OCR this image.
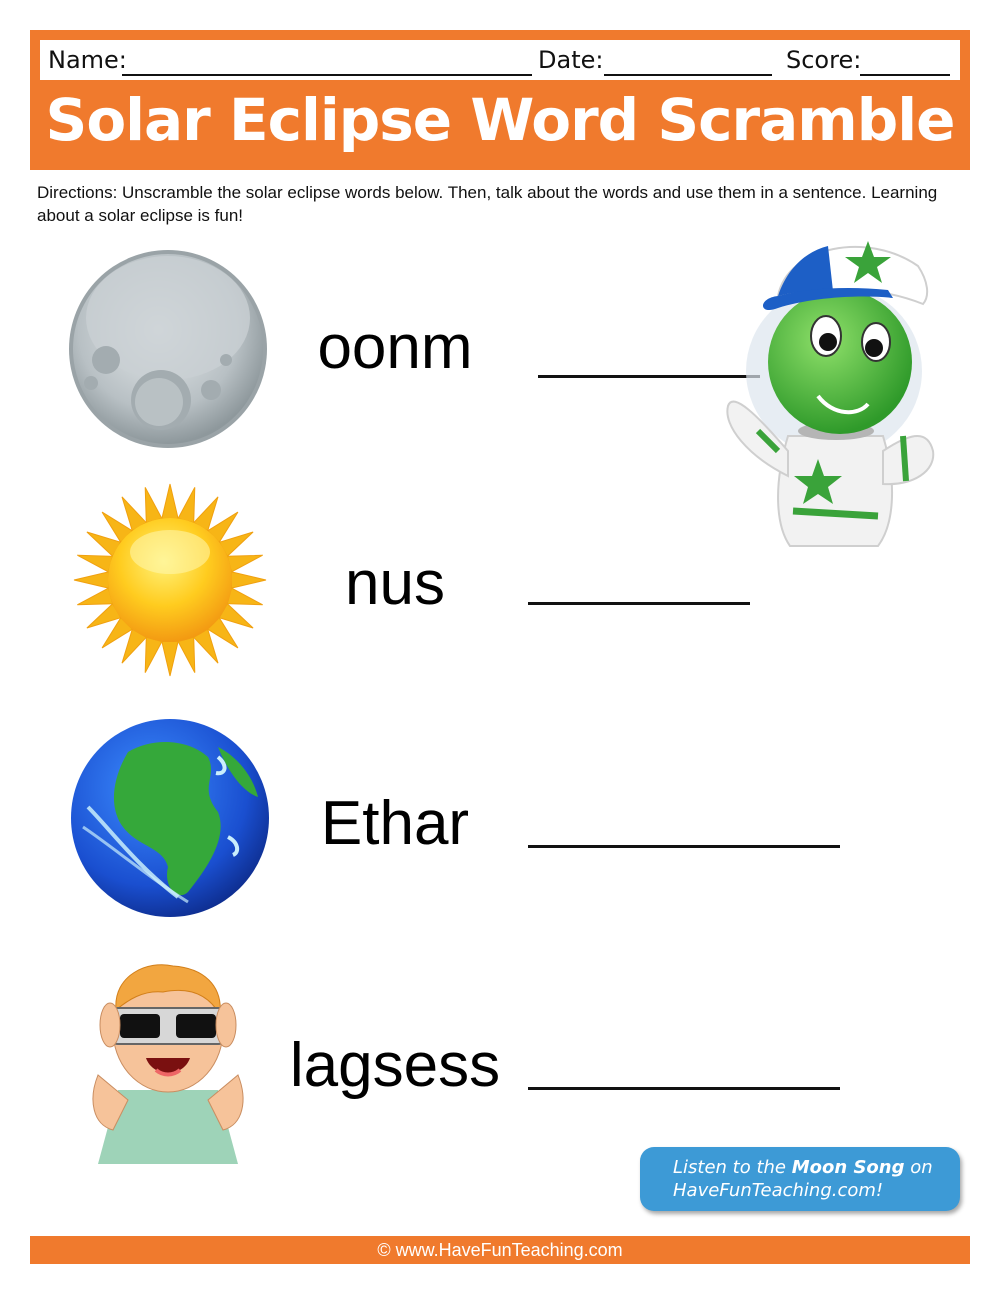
Name:	Date:	Score:
Solar Eclipse Word Scramble
Directions: Unscramble the solar eclipse words below. Then, talk about the words and use them in a sentence. Learning about a solar eclipse is fun!
oonm
nus
Ethar
lagsess
Listen to the Moon Song on
HaveFunTeaching.com!
© www.HaveFunTeaching.com
